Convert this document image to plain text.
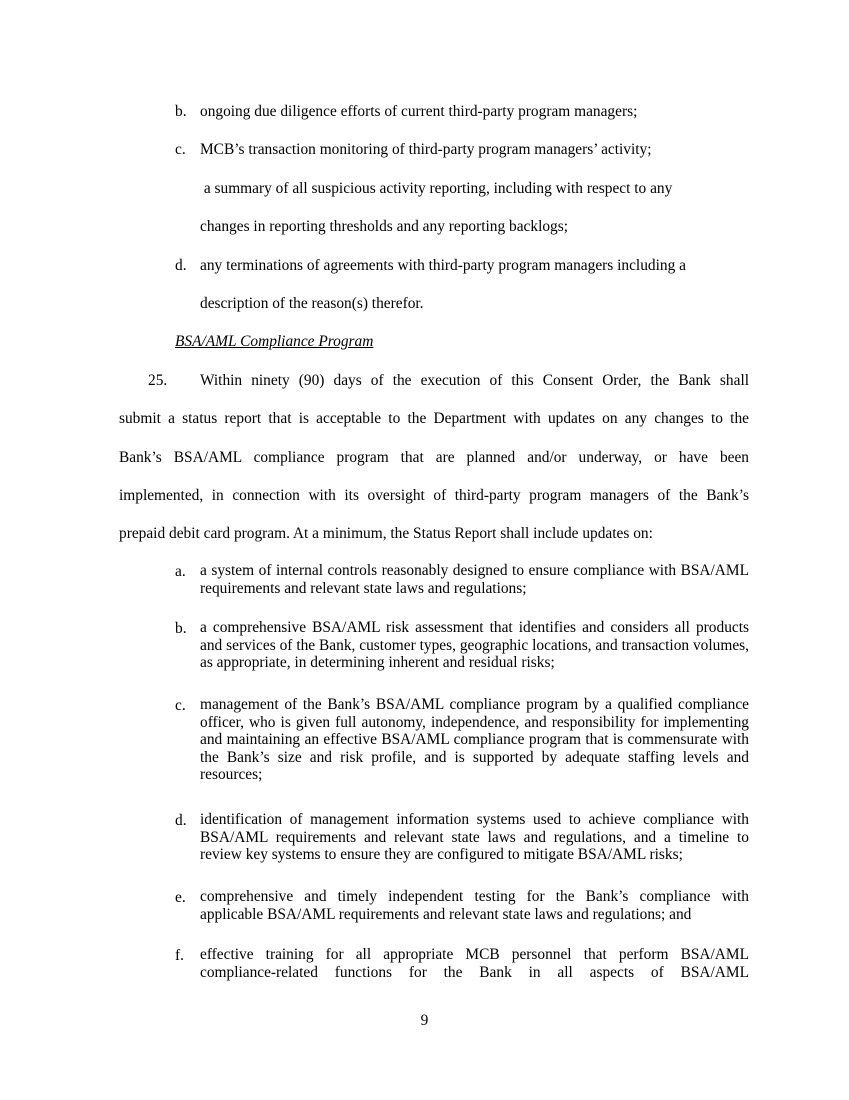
b. ongoing due diligence efforts of current third-party program managers;
c. MCB’s transaction monitoring of third-party program managers’ activity;
a summary of all suspicious activity reporting, including with respect to any
changes in reporting thresholds and any reporting backlogs;
d. any terminations of agreements with third-party program managers including a
description of the reason(s) therefor.
BSA/AML Compliance Program
25. Within ninety (90) days of the execution of this Consent Order, the Bank shall
submit a status report that is acceptable to the Department with updates on any changes to the
Bank’s BSA/AML compliance program that are planned and/or underway, or have been
implemented, in connection with its oversight of third-party program managers of the Bank’s
prepaid debit card program. At a minimum, the Status Report shall include updates on:
a. a system of internal controls reasonably designed to ensure compliance with BSA/AML requirements and relevant state laws and regulations;
b. a comprehensive BSA/AML risk assessment that identifies and considers all products and services of the Bank, customer types, geographic locations, and transaction volumes, as appropriate, in determining inherent and residual risks;
c. management of the Bank’s BSA/AML compliance program by a qualified compliance officer, who is given full autonomy, independence, and responsibility for implementing and maintaining an effective BSA/AML compliance program that is commensurate with the Bank’s size and risk profile, and is supported by adequate staffing levels and resources;
d. identification of management information systems used to achieve compliance with BSA/AML requirements and relevant state laws and regulations, and a timeline to review key systems to ensure they are configured to mitigate BSA/AML risks;
e. comprehensive and timely independent testing for the Bank’s compliance with applicable BSA/AML requirements and relevant state laws and regulations; and
f. effective training for all appropriate MCB personnel that perform BSA/AML compliance-related functions for the Bank in all aspects of BSA/AML
9
